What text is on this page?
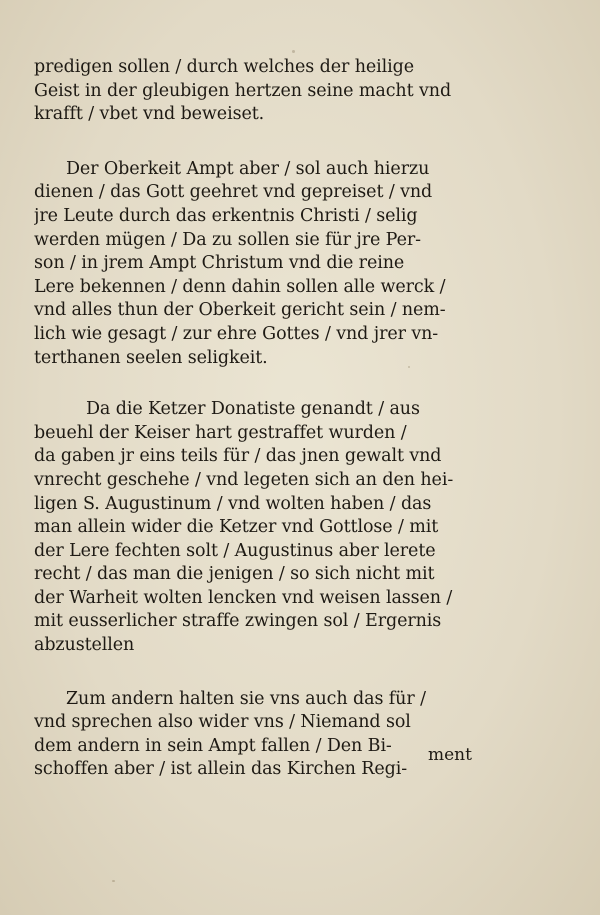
predigen sollen / durch welches der heilige
Geist in der gleubigen hertzen seine macht vnd
krafft / vbet vnd beweiset.
Der Oberkeit Ampt aber / sol auch hierzu
dienen / das Gott geehret vnd gepreiset / vnd
jre Leute durch das erkentnis Christi / selig
werden mügen / Da zu sollen sie für jre Per-
son / in jrem Ampt Christum vnd die reine
Lere bekennen / denn dahin sollen alle werck /
vnd alles thun der Oberkeit gericht sein / nem-
lich wie gesagt / zur ehre Gottes / vnd jrer vn-
terthanen seelen seligkeit.
Da die Ketzer Donatiste genandt / aus
beuehl der Keiser hart gestraffet wurden /
da gaben jr eins teils für / das jnen gewalt vnd
vnrecht geschehe / vnd legeten sich an den hei-
ligen S. Augustinum / vnd wolten haben / das
man allein wider die Ketzer vnd Gottlose / mit
der Lere fechten solt / Augustinus aber lerete
recht / das man die jenigen / so sich nicht mit
der Warheit wolten lencken vnd weisen lassen /
mit eusserlicher straffe zwingen sol / Ergernis
abzustellen
Zum andern halten sie vns auch das für /
vnd sprechen also wider vns / Niemand sol
dem andern in sein Ampt fallen / Den Bi-
schoffen aber / ist allein das Kirchen Regi-
ment
